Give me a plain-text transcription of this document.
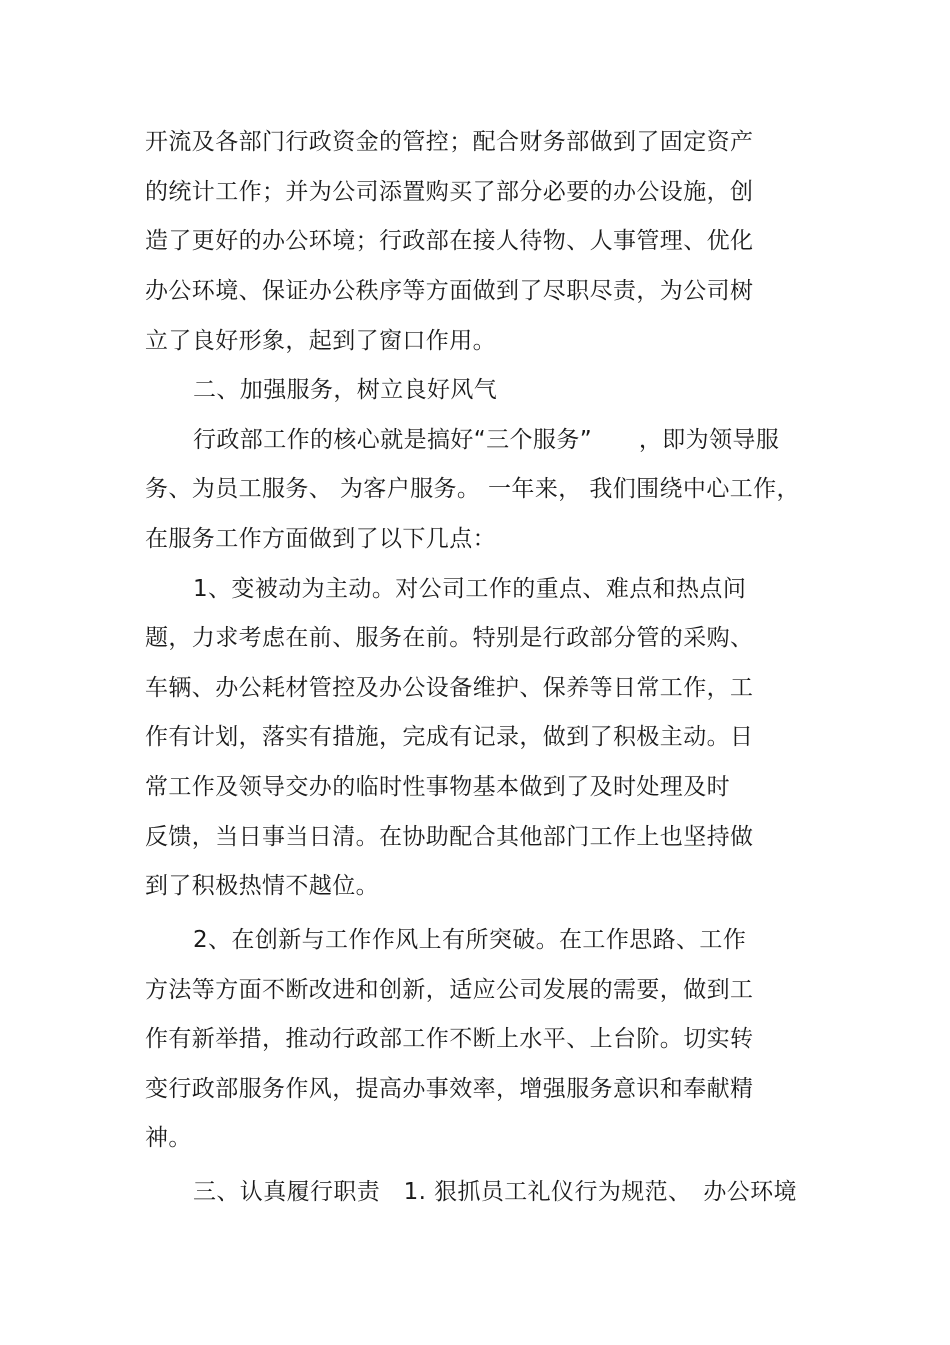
开流及各部门行政资金的管控；配合财务部做到了固定资产
的统计工作；并为公司添置购买了部分必要的办公设施，创
造了更好的办公环境；行政部在接人待物、人事管理、优化
办公环境、保证办公秩序等方面做到了尽职尽责，为公司树
立了良好形象，起到了窗口作用。
二、加强服务，树立良好风气
行政部工作的核心就是搞好“三个服务”　　，即为领导服
务、为员工服务、 为客户服务。 一年来， 我们围绕中心工作，
在服务工作方面做到了以下几点：
1、变被动为主动。对公司工作的重点、难点和热点问
题，力求考虑在前、服务在前。特别是行政部分管的采购、
车辆、办公耗材管控及办公设备维护、保养等日常工作，工
作有计划，落实有措施，完成有记录，做到了积极主动。日
常工作及领导交办的临时性事物基本做到了及时处理及时
反馈，当日事当日清。在协助配合其他部门工作上也坚持做
到了积极热情不越位。
2、在创新与工作作风上有所突破。在工作思路、工作
方法等方面不断改进和创新，适应公司发展的需要，做到工
作有新举措，推动行政部工作不断上水平、上台阶。切实转
变行政部服务作风，提高办事效率，增强服务意识和奉献精
神。
三、认真履行职责　1. 狠抓员工礼仪行为规范、　办公环境
